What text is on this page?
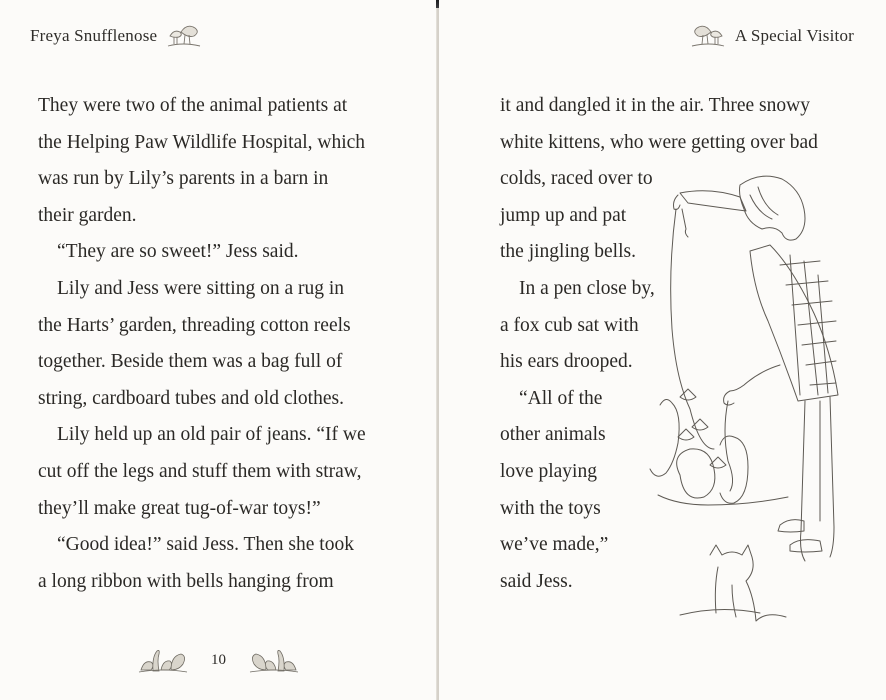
Freya Snufflenose
They were two of the animal patients at
the Helping Paw Wildlife Hospital, which
was run by Lily’s parents in a barn in
their garden.
“They are so sweet!” Jess said.
Lily and Jess were sitting on a rug in
the Harts’ garden, threading cotton reels
together. Beside them was a bag full of
string, cardboard tubes and old clothes.
Lily held up an old pair of jeans. “If we
cut off the legs and stuff them with straw,
they’ll make great tug-of-war toys!”
“Good idea!” said Jess. Then she took
a long ribbon with bells hanging from
10
A Special Visitor
it and dangled it in the air. Three snowy
white kittens, who were getting over bad
colds, raced over to
jump up and pat
the jingling bells.
In a pen close by,
a fox cub sat with
his ears drooped.
“All of the
other animals
love playing
with the toys
we’ve made,”
said Jess.
